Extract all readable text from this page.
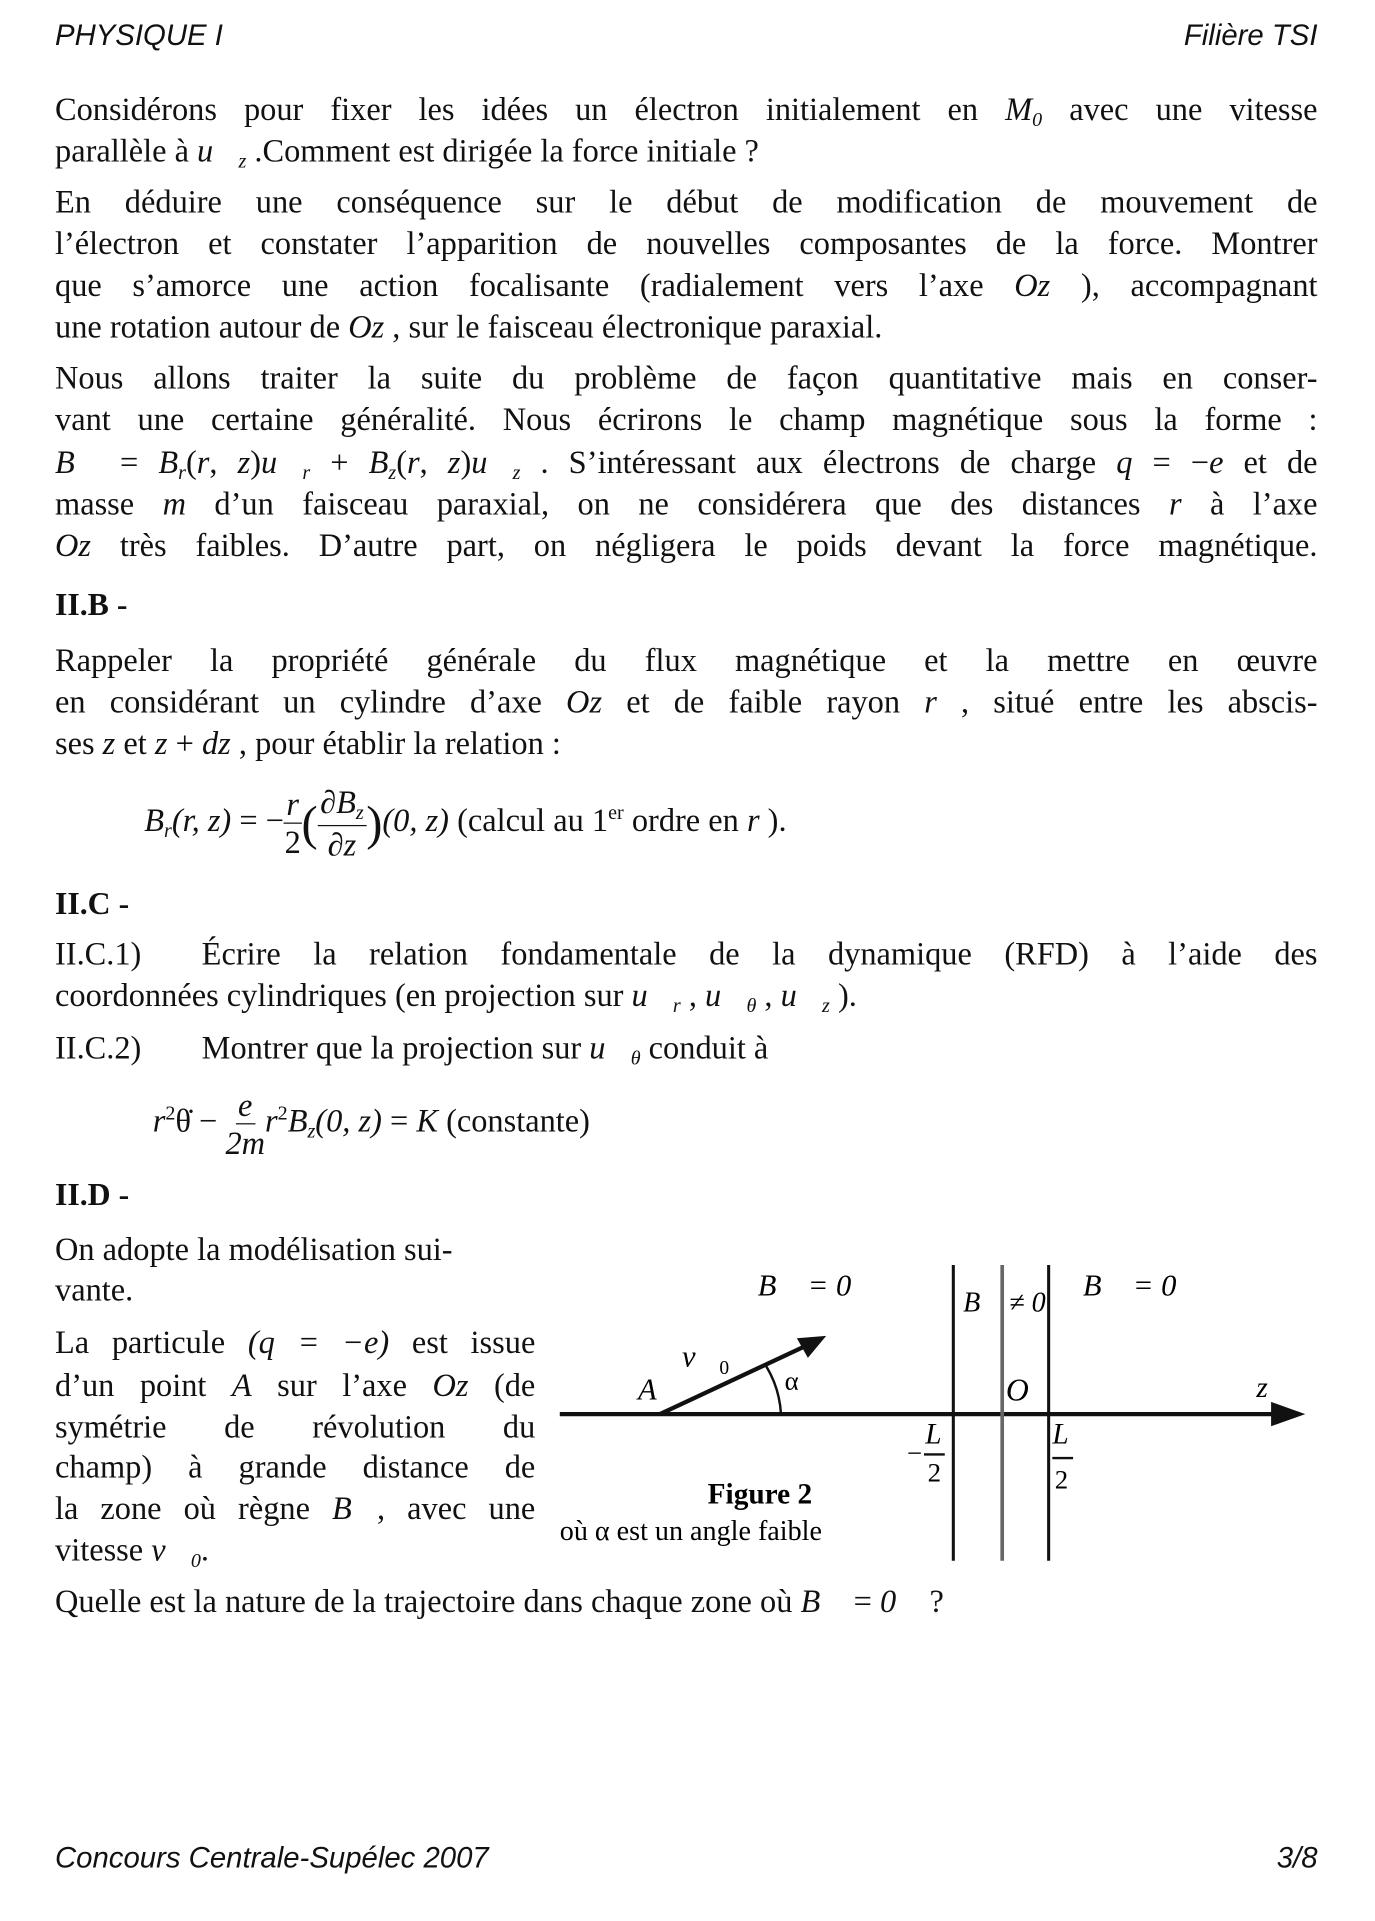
PHYSIQUE I	Filière TSI
Considérons pour fixer les idées un électron initialement en $M_0$ avec une vitesse
parallèle à $u⃗_z$ .Comment est dirigée la force initiale ?
En déduire une conséquence sur le début de modification de mouvement de
l’électron et constater l’apparition de nouvelles composantes de la force. Montrer
que s’amorce une action focalisante (radialement vers l’axe Oz ), accompagnant
une rotation autour de Oz , sur le faisceau électronique paraxial.
Nous allons traiter la suite du problème de façon quantitative mais en conser-
vant une certaine généralité. Nous écrirons le champ magnétique sous la forme :
B⃗ = $B_r(r$, $z)u⃗_r + B_z(r$, $z)u⃗_z$ . S’intéressant aux électrons de charge q = −e et de
masse m d’un faisceau paraxial, on ne considérera que des distances r à l’axe
Oz très faibles. D’autre part, on négligera le poids devant la force magnétique.
II.B -
Rappeler la propriété générale du flux magnétique et la mettre en œuvre
en considérant un cylindre d’axe Oz et de faible rayon r , situé entre les abscis-
ses z et z + dz , pour établir la relation :
$B_r(r$, z) = − $\frac{r}{2}$ ( $\frac{\partial B_z}{\partial z} )(0$, z) (calcul au 1er ordre en r ).
II.C -
II.C.1)	Écrire la relation fondamentale de la dynamique (RFD) à l’aide des
coordonnées cylindriques (en projection sur $u⃗_r$ , $u⃗_\theta$ , $u⃗_z$ ).
II.C.2)	Montrer que la projection sur $u⃗_\theta$ conduit à
$r^2\thetȧ - \frac{e}{2m} r^2B_z(0$, z) = K (constante)
II.D -
On adopte la modélisation sui-
vante.
La particule (q = −e) est issue
d’un point A sur l’axe Oz (de
symétrie de révolution du
champ) à grande distance de
la zone où règne B⃗, avec une
vitesse $v⃗_0$.
B⃗ = 0⃗
B⃗ ≠ 0⃗
B⃗ = 0⃗
$v⃗_0$
A	α	O	z
−
L
2
L
2
Figure 2
où α est un angle faible
Quelle est la nature de la trajectoire dans chaque zone où B⃗ = 0⃗ ?
Concours Centrale-Supélec 2007	3/8
